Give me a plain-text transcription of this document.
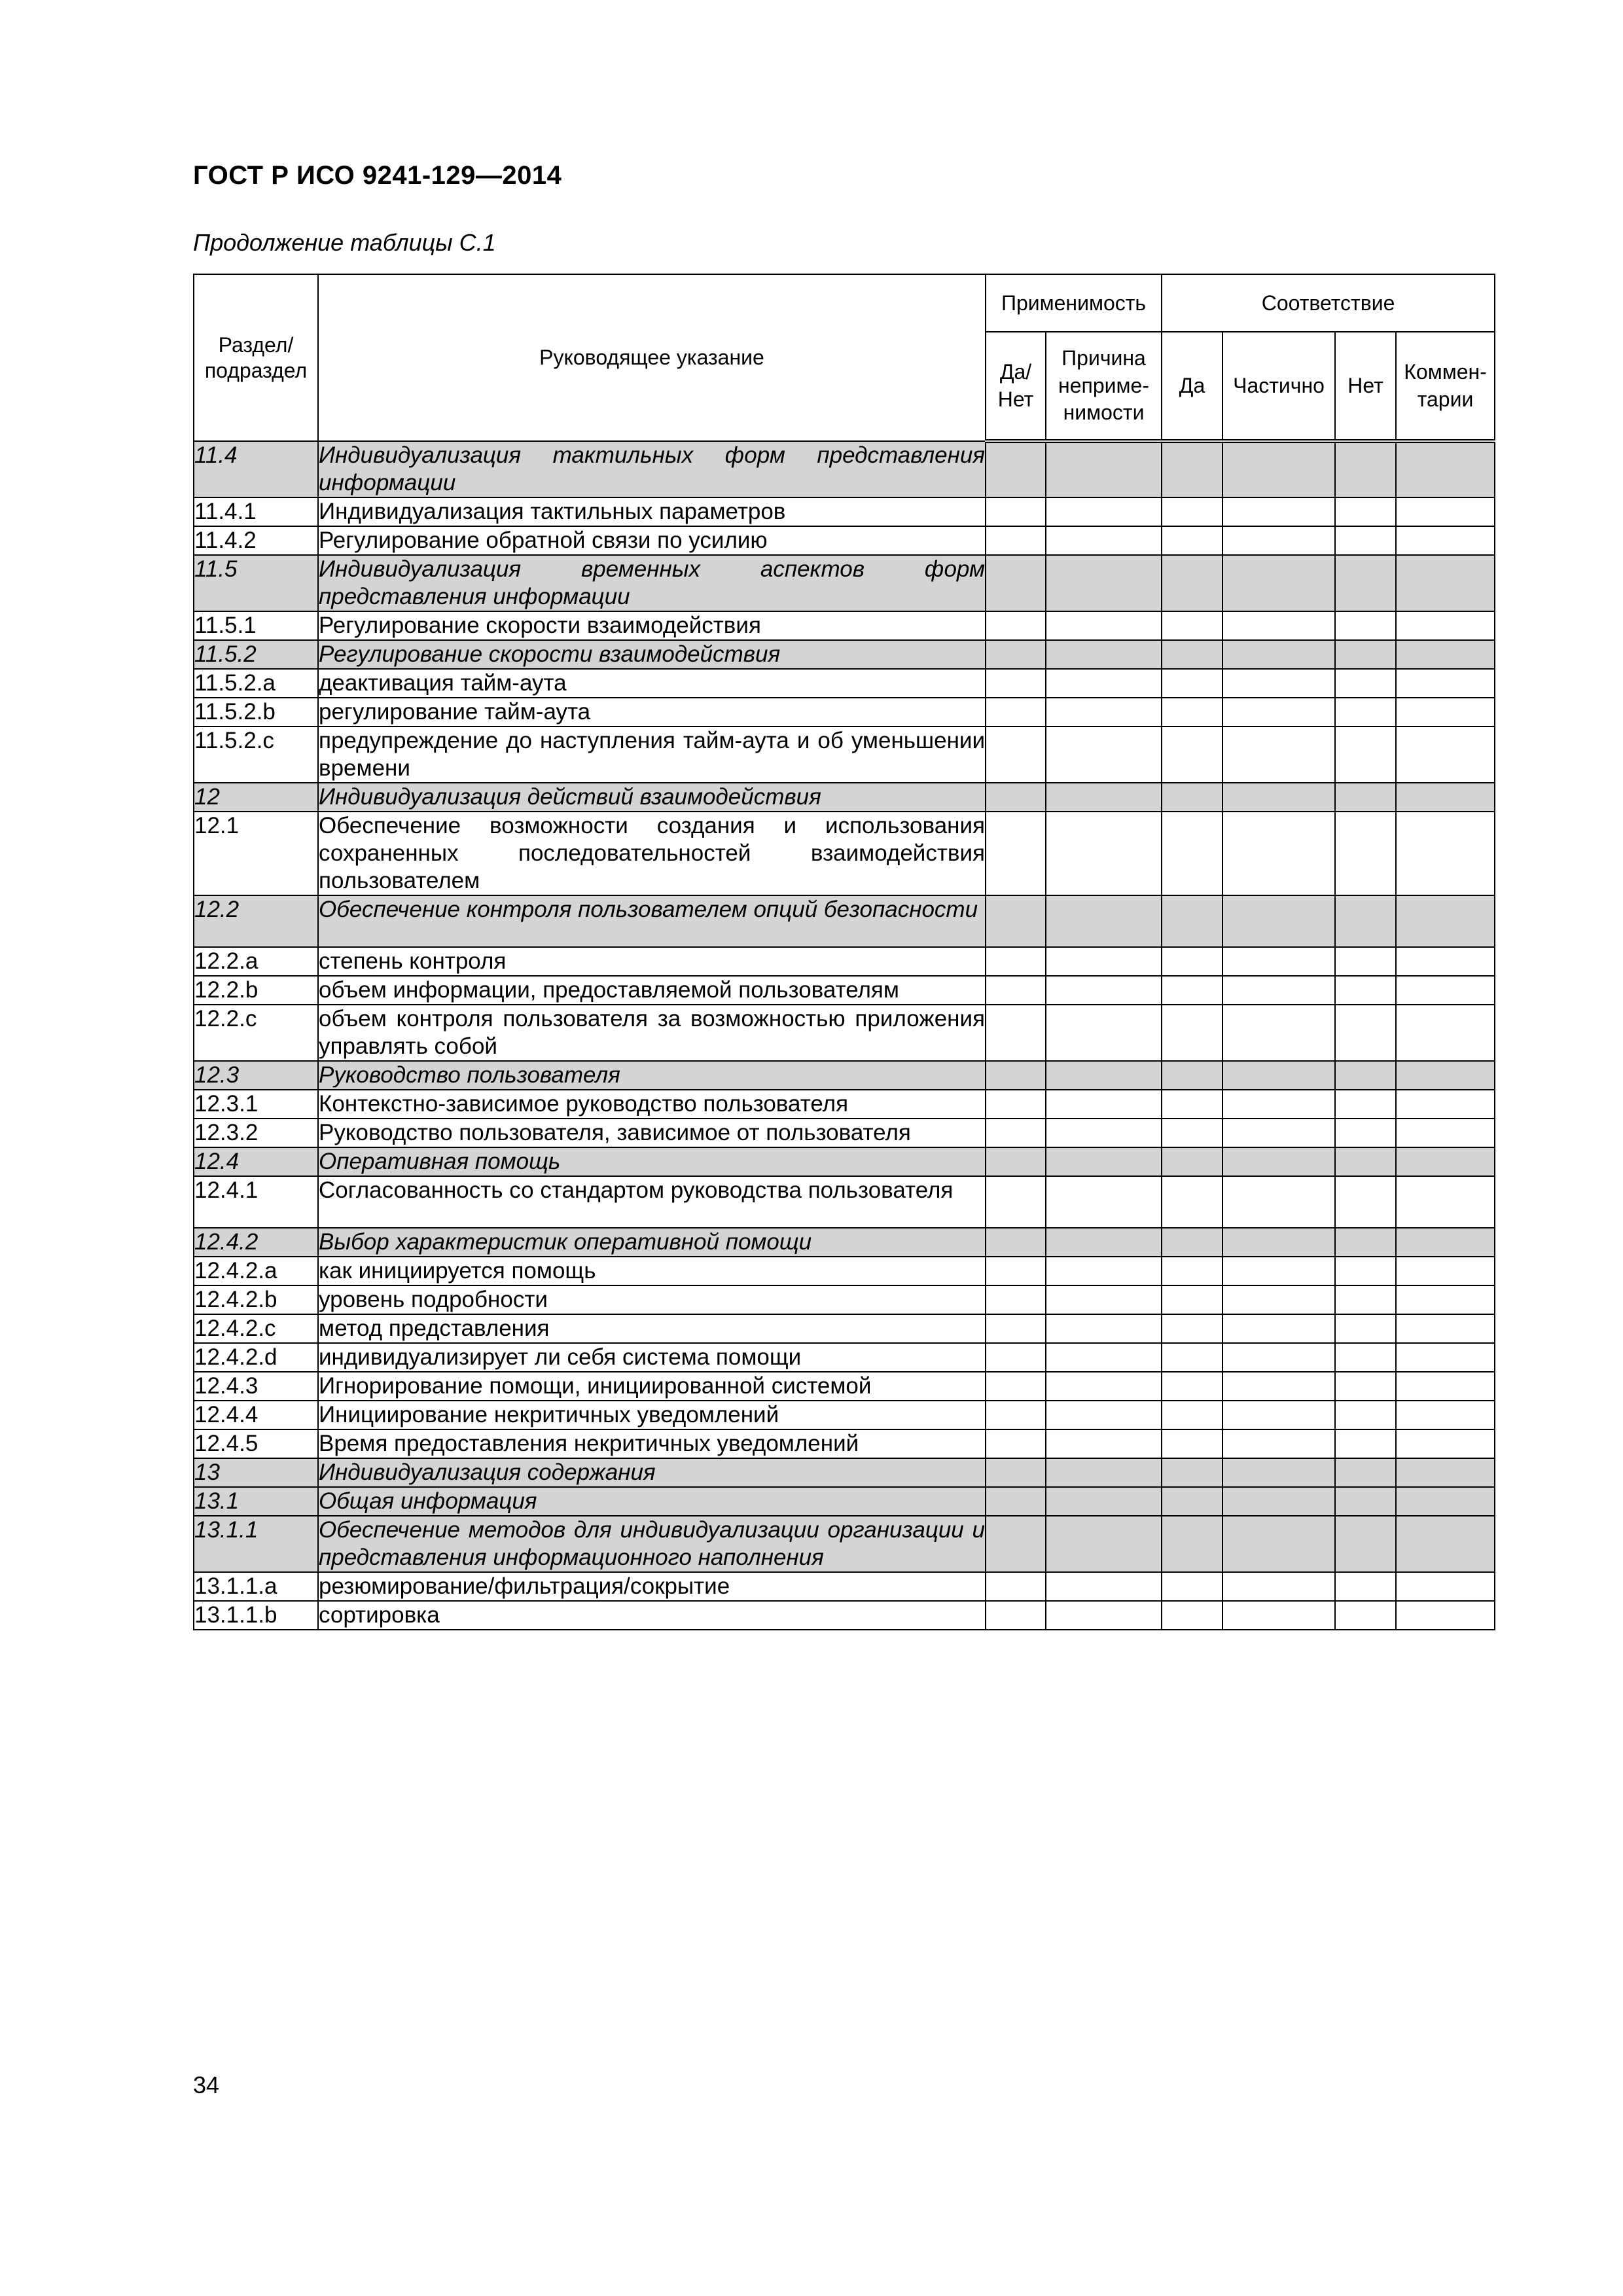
ГОСТ Р ИСО 9241-129—2014

Продолжение таблицы С.1

Раздел/ подраздел	Руководящее указание	Применимость		Соответствие			
		Да/ Нет	Причина неприме- нимости	Да	Частично	Нет	Коммен- тарии
11.4	Индивидуализация тактильных форм представления информации						
11.4.1	Индивидуализация тактильных параметров						
11.4.2	Регулирование обратной связи по усилию						
11.5	Индивидуализация временных аспектов форм представления информации						
11.5.1	Регулирование скорости взаимодействия						
11.5.2	Регулирование скорости взаимодействия						
11.5.2.a	деактивация тайм-аута						
11.5.2.b	регулирование тайм-аута						
11.5.2.c	предупреждение до наступления тайм-аута и об уменьшении времени						
12	Индивидуализация действий взаимодействия						
12.1	Обеспечение возможности создания и использования сохраненных последовательностей взаимодействия пользователем						
12.2	Обеспечение контроля пользователем опций безопасности						
12.2.a	степень контроля						
12.2.b	объем информации, предоставляемой пользователям						
12.2.c	объем контроля пользователя за возможностью приложения управлять собой						
12.3	Руководство пользователя						
12.3.1	Контекстно-зависимое руководство пользователя						
12.3.2	Руководство пользователя, зависимое от пользователя						
12.4	Оперативная помощь						
12.4.1	Согласованность со стандартом руководства пользователя						
12.4.2	Выбор характеристик оперативной помощи						
12.4.2.a	как инициируется помощь						
12.4.2.b	уровень подробности						
12.4.2.c	метод представления						
12.4.2.d	индивидуализирует ли себя система помощи						
12.4.3	Игнорирование помощи, инициированной системой						
12.4.4	Инициирование некритичных уведомлений						
12.4.5	Время предоставления некритичных уведомлений						
13	Индивидуализация содержания						
13.1	Общая информация						
13.1.1	Обеспечение методов для индивидуализации организации и представления информационного наполнения						
13.1.1.a	резюмирование/фильтрация/сокрытие						
13.1.1.b	сортировка						

34
